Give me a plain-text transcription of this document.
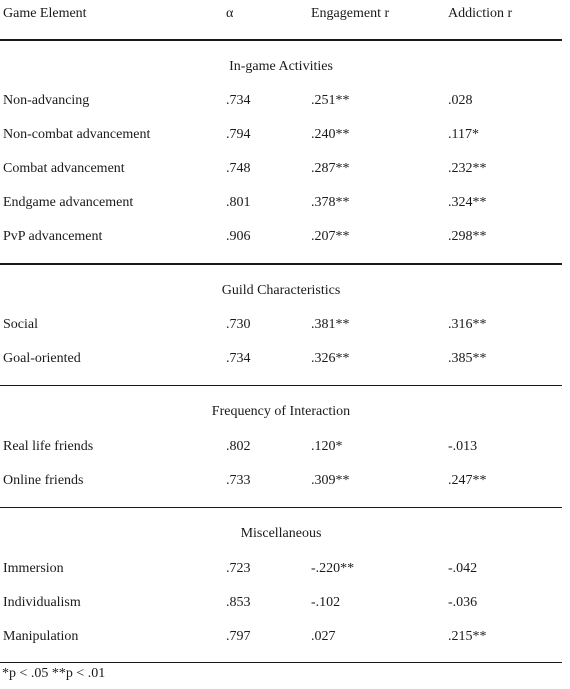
Game Element	α	Engagement r	Addiction r
In-game Activities
Non-advancing	.734	.251**	.028
Non-combat advancement	.794	.240**	.117*
Combat advancement	.748	.287**	.232**
Endgame advancement	.801	.378**	.324**
PvP advancement	.906	.207**	.298**
Guild Characteristics
Social	.730	.381**	.316**
Goal-oriented	.734	.326**	.385**
Frequency of Interaction
Real life friends	.802	.120*	-.013
Online friends	.733	.309**	.247**
Miscellaneous
Immersion	.723	-.220**	-.042
Individualism	.853	-.102	-.036
Manipulation	.797	.027	.215**
*p < .05 **p < .01
